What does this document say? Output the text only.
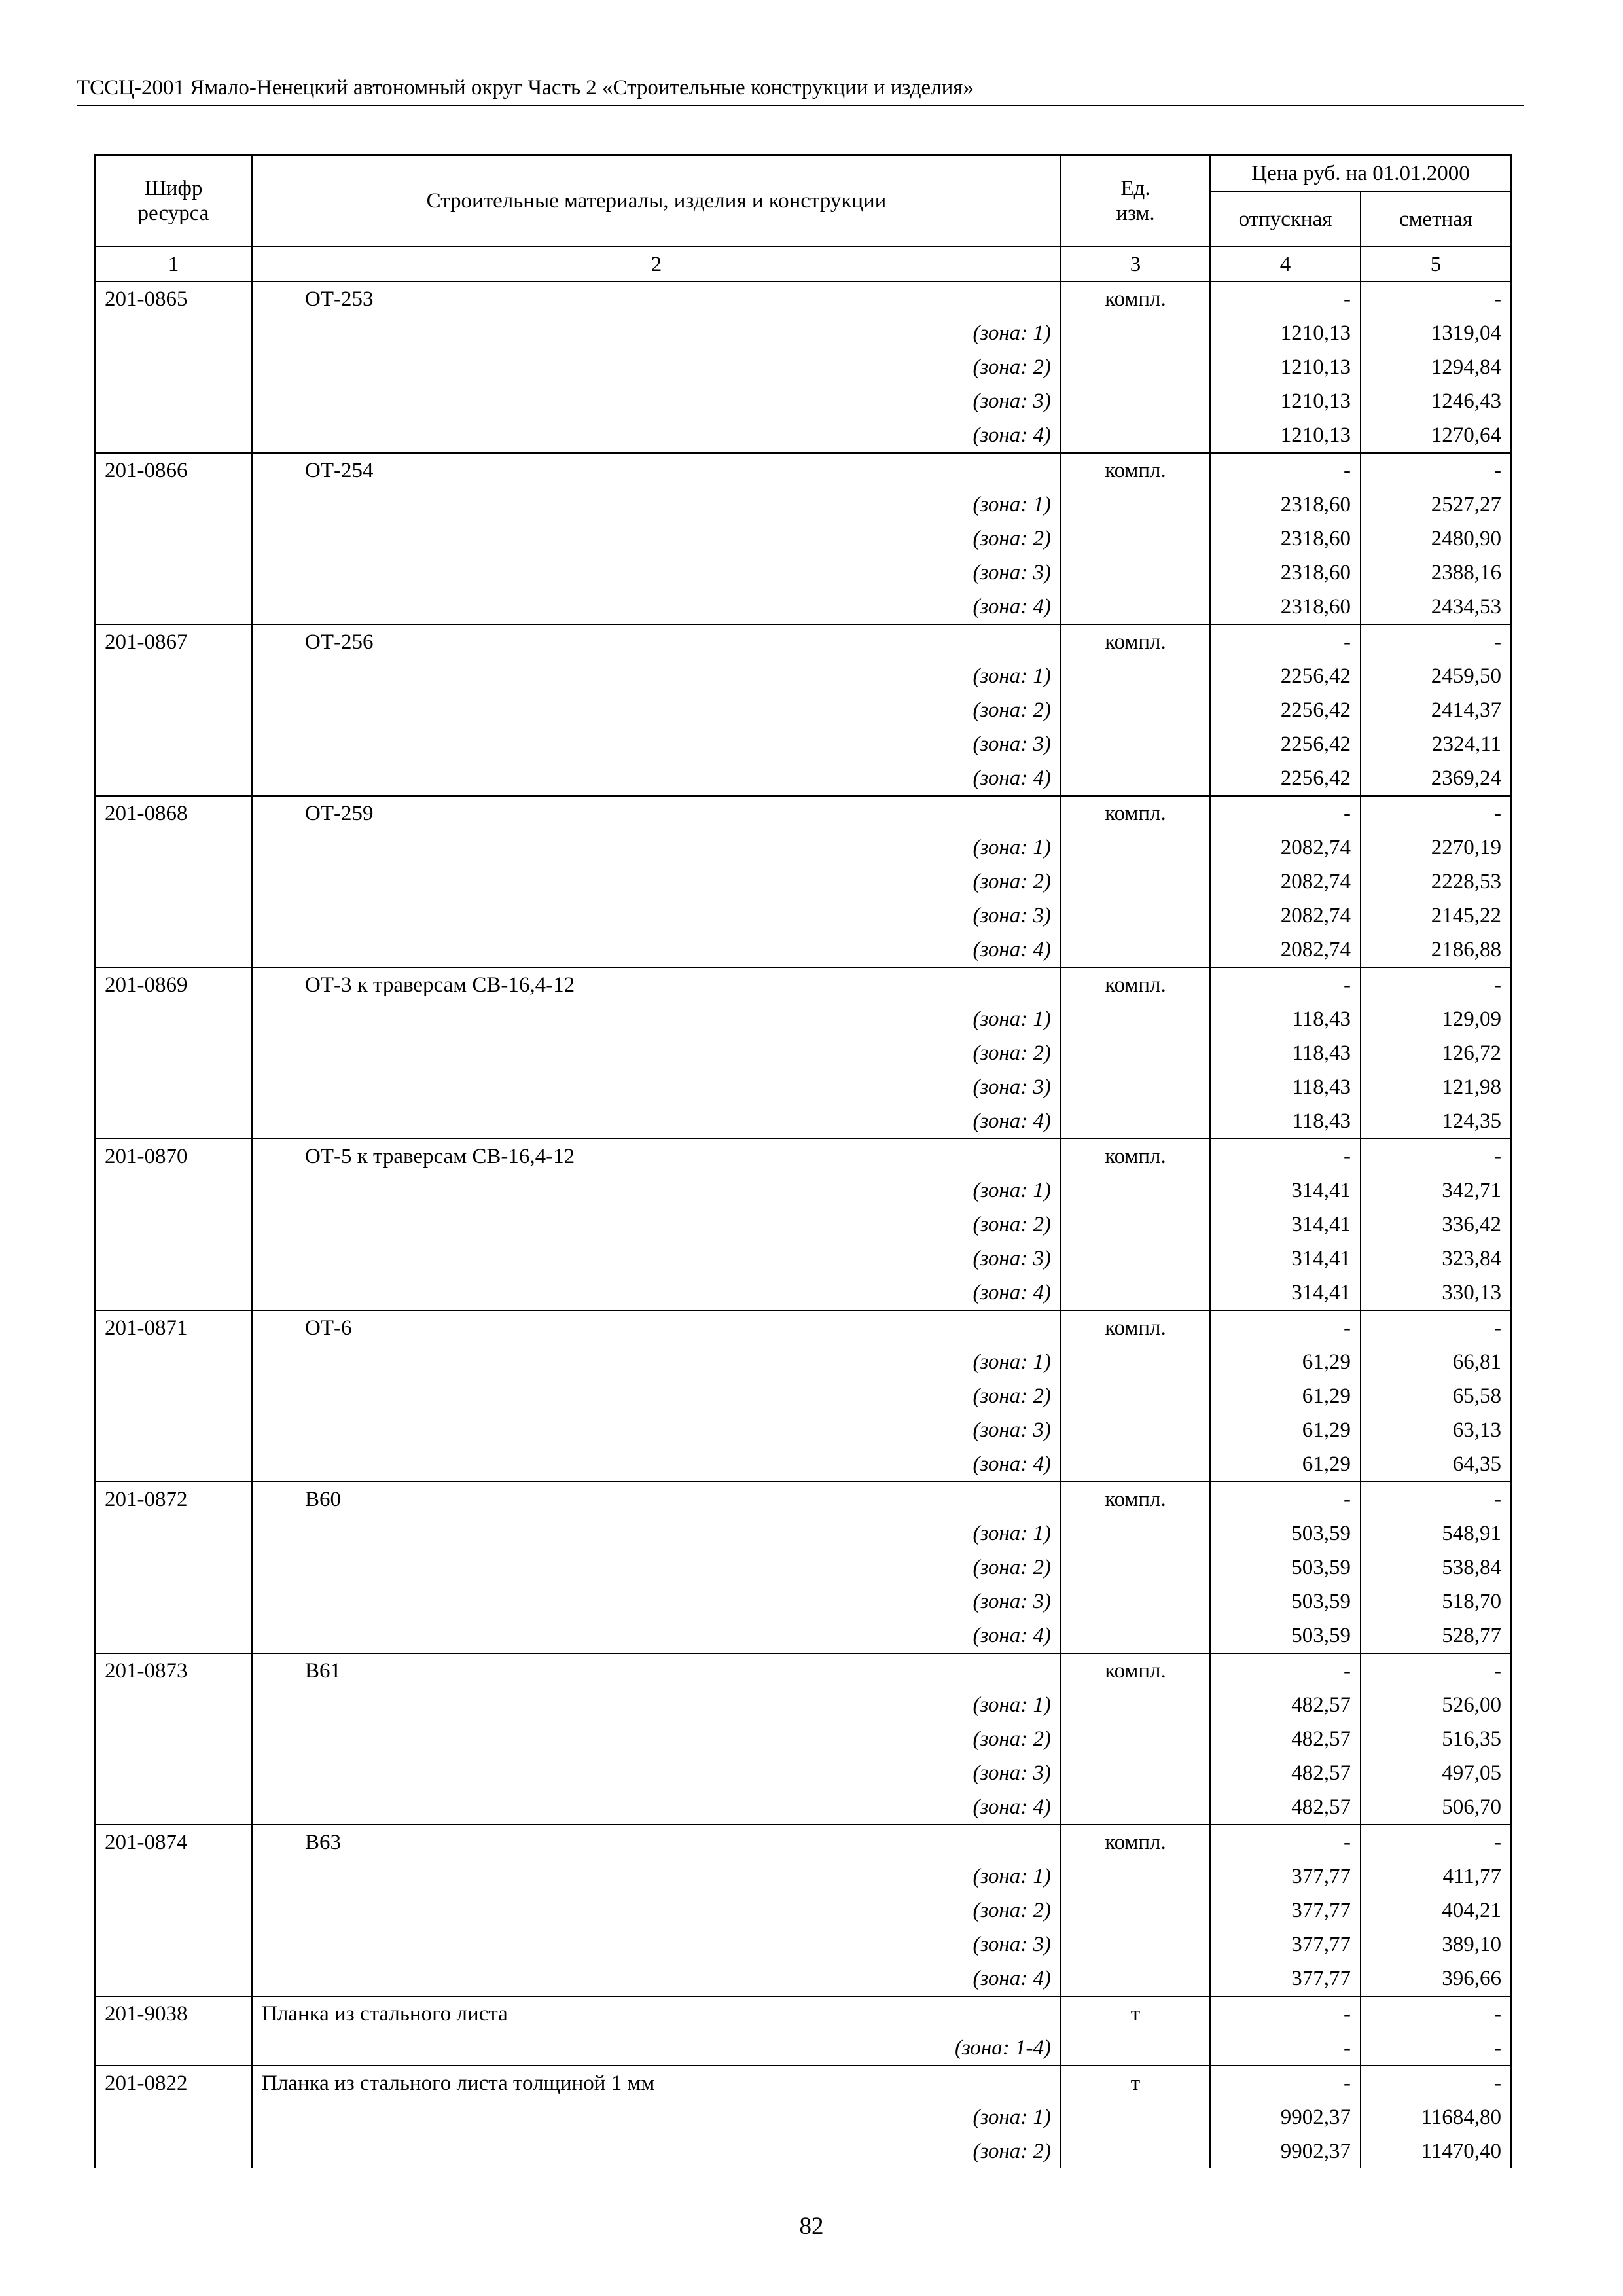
ТССЦ-2001 Ямало-Ненецкий автономный округ Часть 2 «Строительные конструкции и изделия»
Шифр ресурса	Строительные материалы, изделия и конструкции	Ед. изм.	Цена руб. на 01.01.2000	
			отпускная	сметная
1	2	3	4	5
201-0865	ОТ-253	компл.	-	-
	(зона: 1)		1210,13	1319,04
	(зона: 2)		1210,13	1294,84
	(зона: 3)		1210,13	1246,43
	(зона: 4)		1210,13	1270,64
201-0866	ОТ-254	компл.	-	-
	(зона: 1)		2318,60	2527,27
	(зона: 2)		2318,60	2480,90
	(зона: 3)		2318,60	2388,16
	(зона: 4)		2318,60	2434,53
201-0867	ОТ-256	компл.	-	-
	(зона: 1)		2256,42	2459,50
	(зона: 2)		2256,42	2414,37
	(зона: 3)		2256,42	2324,11
	(зона: 4)		2256,42	2369,24
201-0868	ОТ-259	компл.	-	-
	(зона: 1)		2082,74	2270,19
	(зона: 2)		2082,74	2228,53
	(зона: 3)		2082,74	2145,22
	(зона: 4)		2082,74	2186,88
201-0869	ОТ-3 к траверсам СВ-16,4-12	компл.	-	-
	(зона: 1)		118,43	129,09
	(зона: 2)		118,43	126,72
	(зона: 3)		118,43	121,98
	(зона: 4)		118,43	124,35
201-0870	ОТ-5 к траверсам СВ-16,4-12	компл.	-	-
	(зона: 1)		314,41	342,71
	(зона: 2)		314,41	336,42
	(зона: 3)		314,41	323,84
	(зона: 4)		314,41	330,13
201-0871	ОТ-6	компл.	-	-
	(зона: 1)		61,29	66,81
	(зона: 2)		61,29	65,58
	(зона: 3)		61,29	63,13
	(зона: 4)		61,29	64,35
201-0872	В60	компл.	-	-
	(зона: 1)		503,59	548,91
	(зона: 2)		503,59	538,84
	(зона: 3)		503,59	518,70
	(зона: 4)		503,59	528,77
201-0873	В61	компл.	-	-
	(зона: 1)		482,57	526,00
	(зона: 2)		482,57	516,35
	(зона: 3)		482,57	497,05
	(зона: 4)		482,57	506,70
201-0874	В63	компл.	-	-
	(зона: 1)		377,77	411,77
	(зона: 2)		377,77	404,21
	(зона: 3)		377,77	389,10
	(зона: 4)		377,77	396,66
201-9038	Планка из стального листа	т	-	-
	(зона: 1-4)		-	-
201-0822	Планка из стального листа толщиной 1 мм	т	-	-
	(зона: 1)		9902,37	11684,80
	(зона: 2)		9902,37	11470,40
82
